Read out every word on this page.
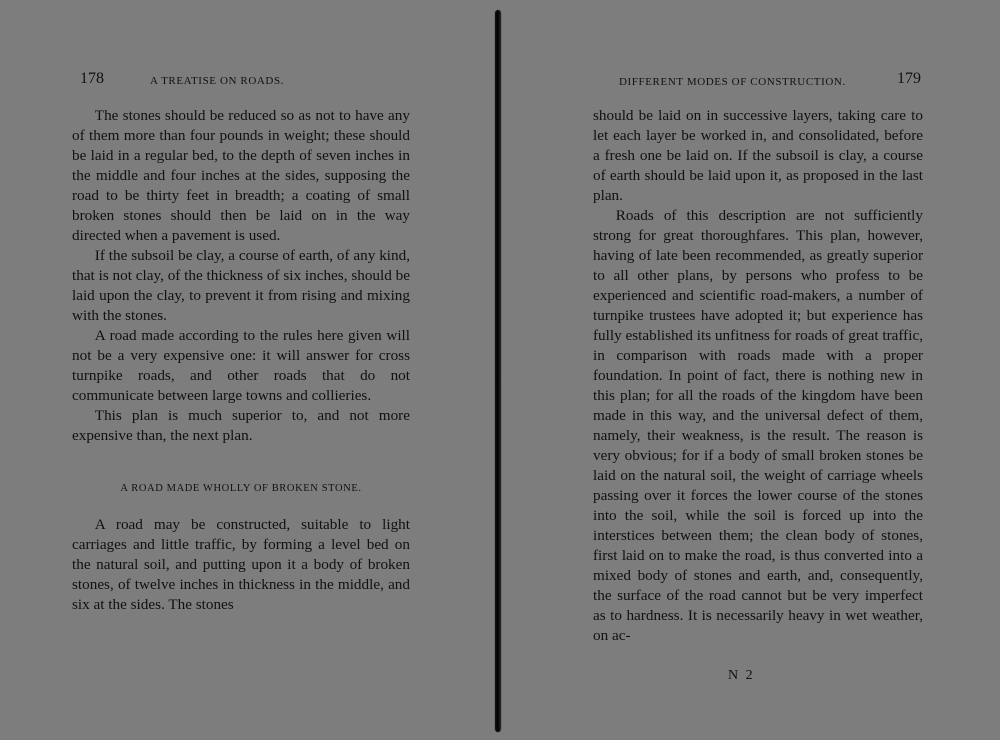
178	A TREATISE ON ROADS.

The stones should be reduced so as not to have any of them more than four pounds in weight; these should be laid in a regular bed, to the depth of seven inches in the middle and four inches at the sides, supposing the road to be thirty feet in breadth; a coating of small broken stones should then be laid on in the way directed when a pavement is used.

If the subsoil be clay, a course of earth, of any kind, that is not clay, of the thickness of six inches, should be laid upon the clay, to prevent it from rising and mixing with the stones.

A road made according to the rules here given will not be a very expensive one: it will answer for cross turnpike roads, and other roads that do not communicate between large towns and collieries.

This plan is much superior to, and not more expensive than, the next plan.

A ROAD MADE WHOLLY OF BROKEN STONE.

A road may be constructed, suitable to light carriages and little traffic, by forming a level bed on the natural soil, and putting upon it a body of broken stones, of twelve inches in thickness in the middle, and six at the sides. The stones

DIFFERENT MODES OF CONSTRUCTION.	179

should be laid on in successive layers, taking care to let each layer be worked in, and consolidated, before a fresh one be laid on. If the subsoil is clay, a course of earth should be laid upon it, as proposed in the last plan.

Roads of this description are not sufficiently strong for great thoroughfares. This plan, however, having of late been recommended, as greatly superior to all other plans, by persons who profess to be experienced and scientific road-makers, a number of turnpike trustees have adopted it; but experience has fully established its unfitness for roads of great traffic, in comparison with roads made with a proper foundation. In point of fact, there is nothing new in this plan; for all the roads of the kingdom have been made in this way, and the universal defect of them, namely, their weakness, is the result. The reason is very obvious; for if a body of small broken stones be laid on the natural soil, the weight of carriage wheels passing over it forces the lower course of the stones into the soil, while the soil is forced up into the interstices between them; the clean body of stones, first laid on to make the road, is thus converted into a mixed body of stones and earth, and, consequently, the surface of the road cannot but be very imperfect as to hardness. It is necessarily heavy in wet weather, on ac-

N 2
